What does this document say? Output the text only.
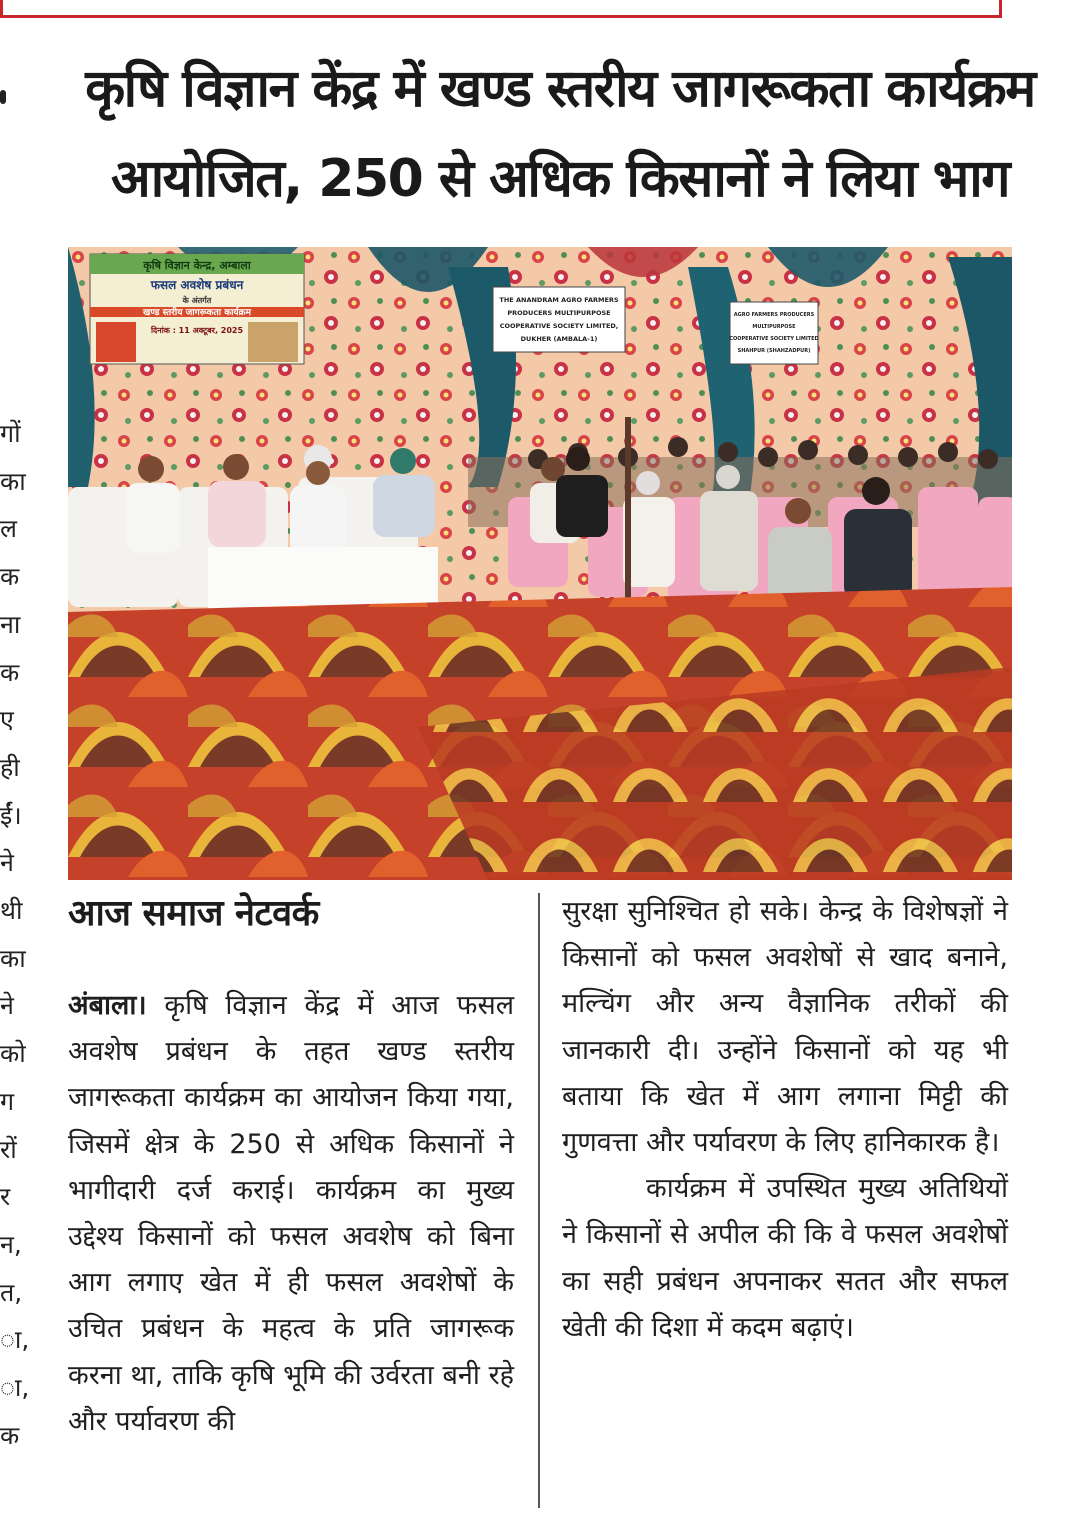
कृषि विज्ञान केंद्र में खण्ड स्तरीय जागरूकता कार्यक्रम
आयोजित, 250 से अधिक किसानों ने लिया भाग
गों
का
ल
क
ना
क
ए
ही
ईं।
ने
थी
का
ने
को
ग
रों
र
न,
त,
ा,
ा,
क
कृषि विज्ञान केन्द्र, अम्बाला
फसल अवशेष प्रबंधन
के अंतर्गत
खण्ड स्तरीय जागरूकता कार्यक्रम
दिनांक : 11 अक्टूबर, 2025
THE ANANDRAM AGRO FARMERS
PRODUCERS MULTIPURPOSE
COOPERATIVE SOCIETY LIMITED,
DUKHER (AMBALA-1)
AGRO FARMERS PRODUCERS
MULTIPURPOSE
COOPERATIVE SOCIETY LIMITED
SHAHPUR (SHAHZADPUR)
आज समाज नेटवर्क

अंबाला। कृषि विज्ञान केंद्र में आज फसल अवशेष प्रबंधन के तहत खण्ड स्तरीय जागरूकता कार्यक्रम का आयोजन किया गया, जिसमें क्षेत्र के 250 से अधिक किसानों ने भागीदारी दर्ज कराई। कार्यक्रम का मुख्य उद्देश्य किसानों को फसल अवशेष को बिना आग लगाए खेत में ही फसल अवशेषों के उचित प्रबंधन के महत्व के प्रति जागरूक करना था, ताकि कृषि भूमि की उर्वरता बनी रहे और पर्यावरण की

सुरक्षा सुनिश्चित हो सके। केन्द्र के विशेषज्ञों ने किसानों को फसल अवशेषों से खाद बनाने, मल्चिंग और अन्य वैज्ञानिक तरीकों की जानकारी दी। उन्होंने किसानों को यह भी बताया कि खेत में आग लगाना मिट्टी की गुणवत्ता और पर्यावरण के लिए हानिकारक है।

कार्यक्रम में उपस्थित मुख्य अतिथियों ने किसानों से अपील की कि वे फसल अवशेषों का सही प्रबंधन अपनाकर सतत और सफल खेती की दिशा में कदम बढ़ाएं।
